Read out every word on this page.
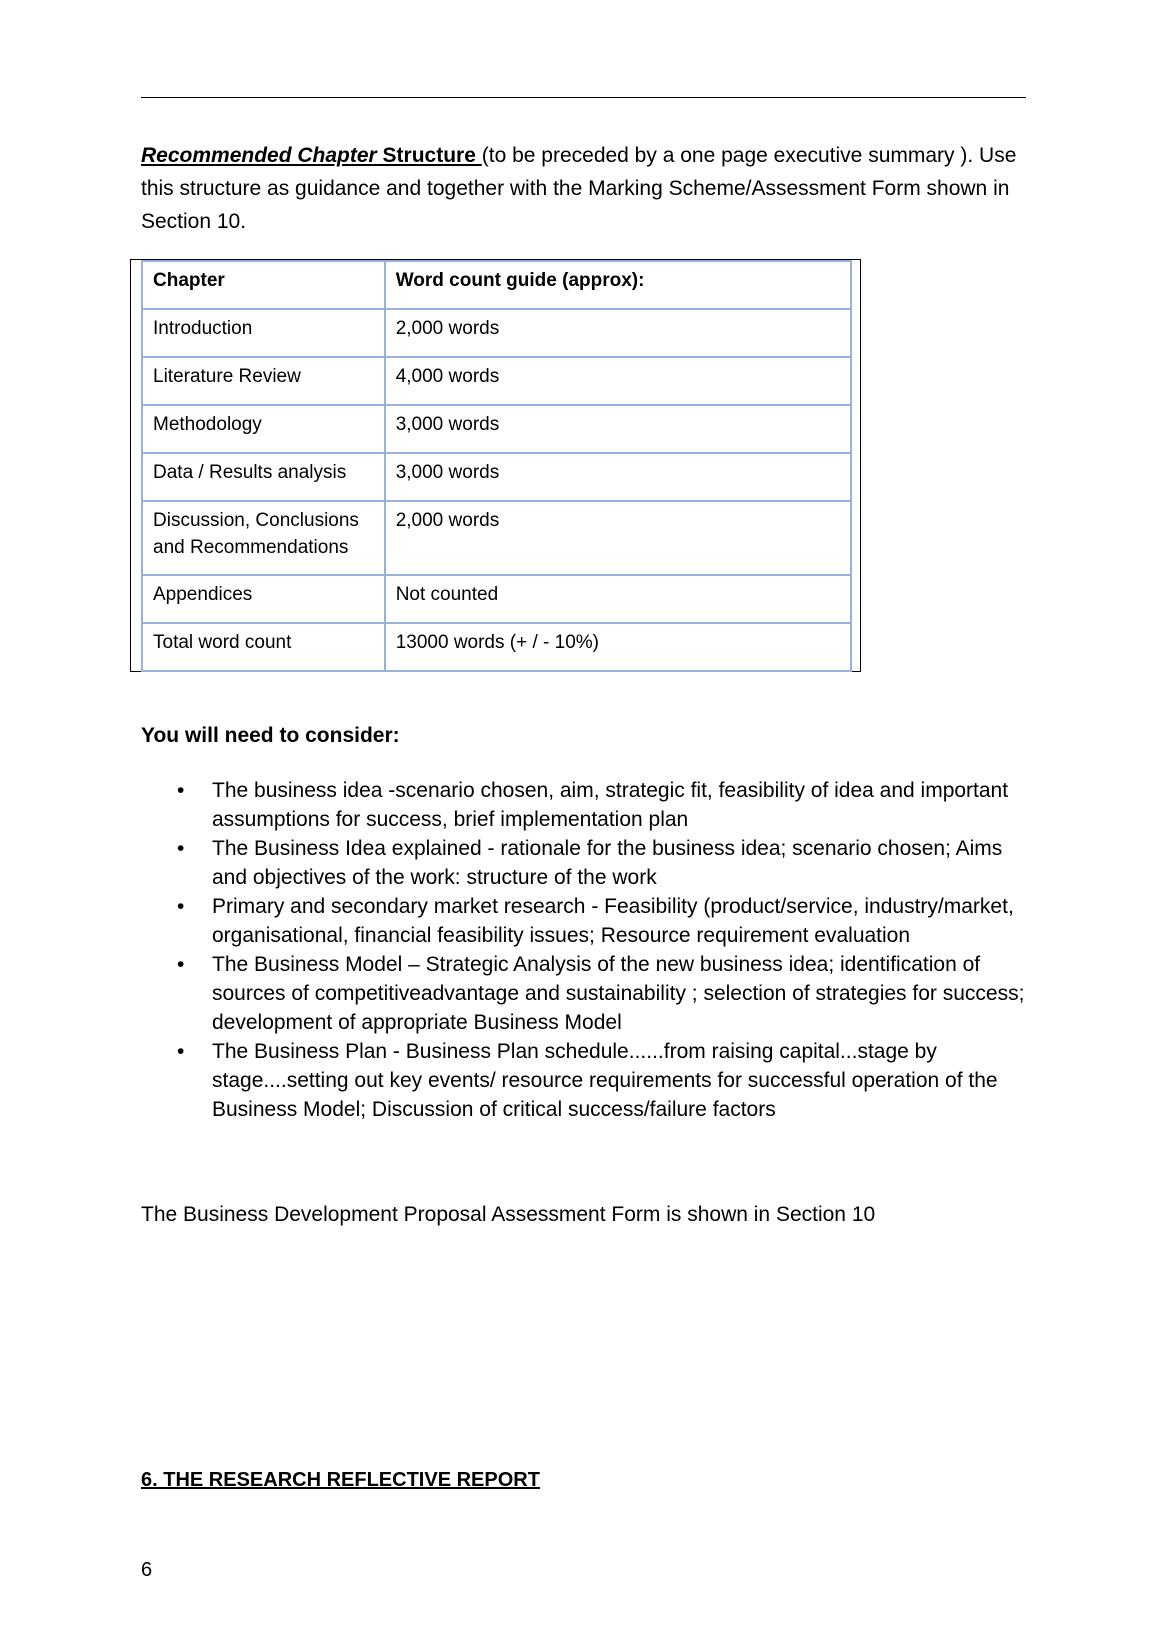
Recommended Chapter Structure (to be preceded by a one page executive summary ). Use this structure as guidance and together with the Marking Scheme/Assessment Form shown in Section 10.
Chapter	Word count guide (approx):
Introduction	2,000 words
Literature Review	4,000 words
Methodology	3,000 words
Data / Results analysis	3,000 words
Discussion, Conclusions and Recommendations	2,000 words
Appendices	Not counted
Total word count	13000 words (+ / - 10%)
You will need to consider:
• The business idea -scenario chosen, aim, strategic fit, feasibility of idea and important assumptions for success, brief implementation plan
• The Business Idea explained - rationale for the business idea; scenario chosen; Aims and objectives of the work: structure of the work
• Primary and secondary market research - Feasibility (product/service, industry/market, organisational, financial feasibility issues; Resource requirement evaluation
• The Business Model – Strategic Analysis of the new business idea; identification of sources of competitiveadvantage and sustainability ; selection of strategies for success; development of appropriate Business Model
• The Business Plan - Business Plan schedule......from raising capital...stage by stage....setting out key events/ resource requirements for successful operation of the Business Model; Discussion of critical success/failure factors
The Business Development Proposal Assessment Form is shown in Section 10
6. THE RESEARCH REFLECTIVE REPORT
6
